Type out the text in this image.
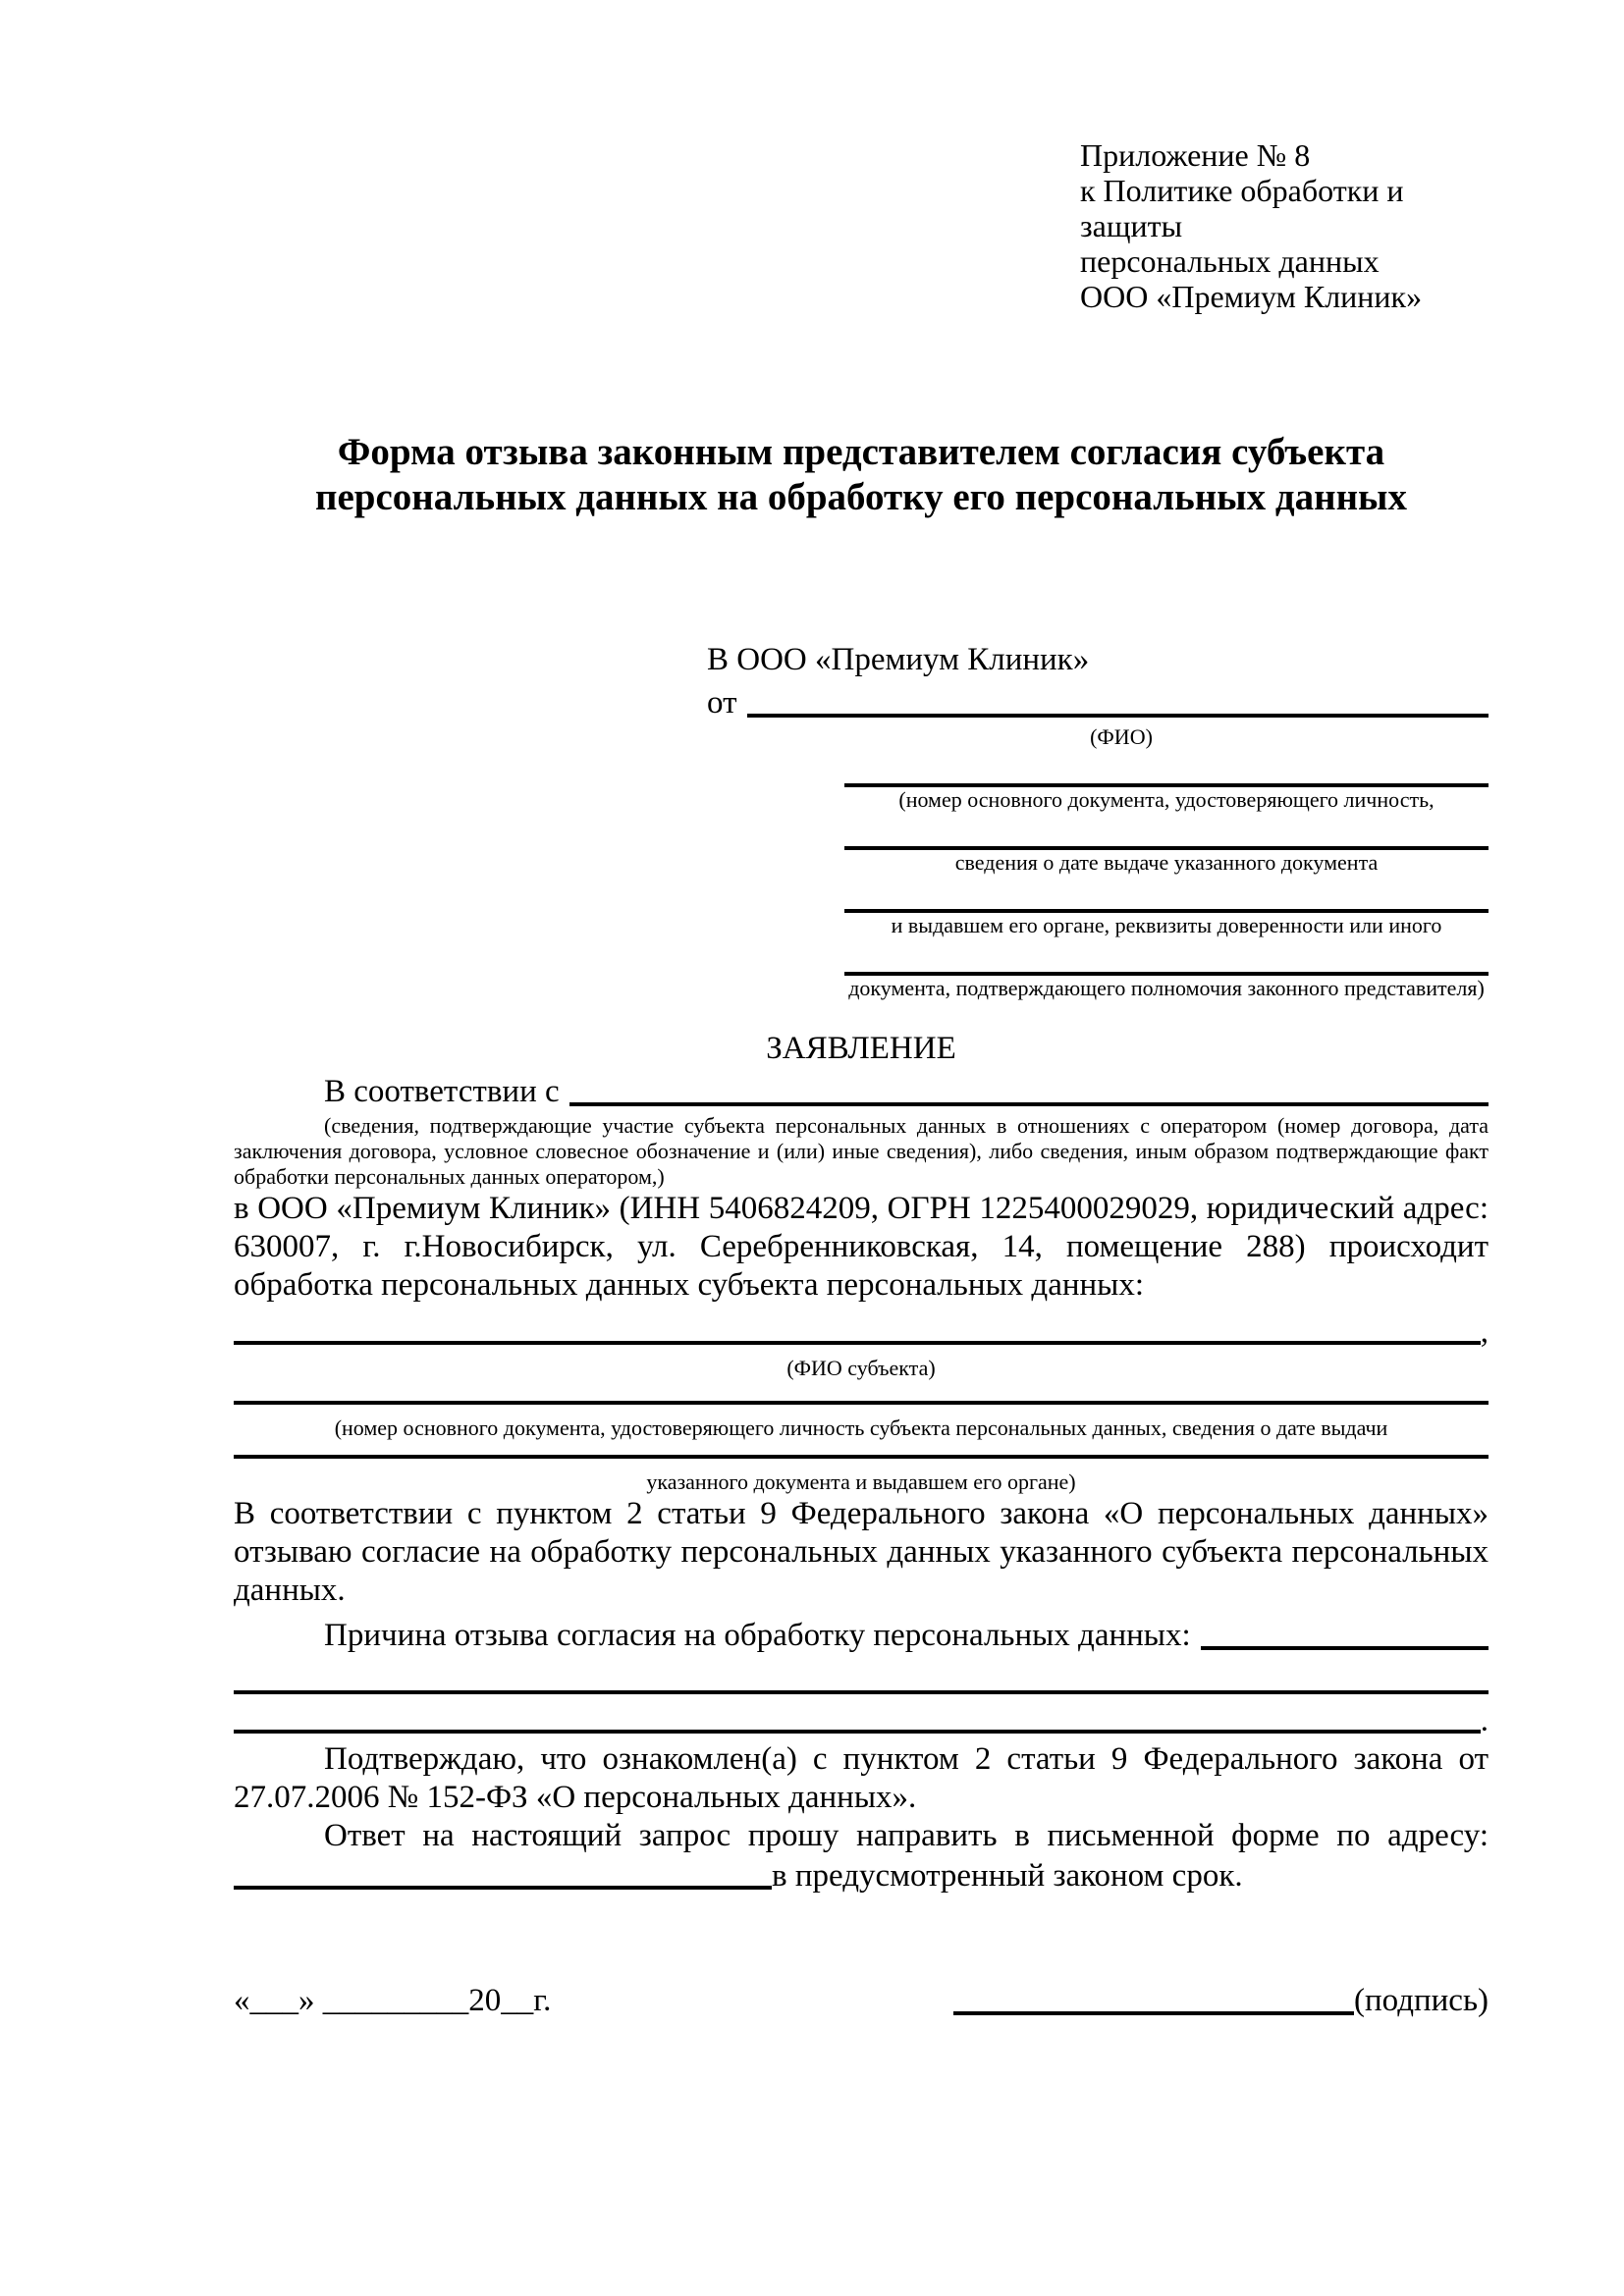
Приложение № 8
к Политике обработки и защиты
персональных данных
ООО «Премиум Клиник»
Форма отзыва законным представителем согласия субъекта
персональных данных на обработку его персональных данных
В ООО «Премиум Клиник»
от
(ФИО)
(номер основного документа, удостоверяющего личность,
сведения о дате выдаче указанного документа
и выдавшем его органе, реквизиты доверенности или иного
документа, подтверждающего полномочия законного представителя)
ЗАЯВЛЕНИЕ
В соответствии с
(сведения, подтверждающие участие субъекта персональных данных в отношениях с оператором (номер договора, дата заключения договора, условное словесное обозначение и (или) иные сведения), либо сведения, иным образом подтверждающие факт обработки персональных данных оператором,)
в ООО «Премиум Клиник» (ИНН 5406824209, ОГРН 1225400029029, юридический адрес: 630007, г. г.Новосибирск, ул. Серебренниковская, 14, помещение 288) происходит обработка персональных данных субъекта персональных данных:
,
(ФИО субъекта)
(номер основного документа, удостоверяющего личность субъекта персональных данных, сведения о дате выдачи
указанного документа и выдавшем его органе)
В соответствии с пунктом 2 статьи 9 Федерального закона «О персональных данных» отзываю согласие на обработку персональных данных указанного субъекта персональных данных.
Причина отзыва согласия на обработку персональных данных:
.
Подтверждаю, что ознакомлен(а) с пунктом 2 статьи 9 Федерального закона от 27.07.2006 № 152-ФЗ «О персональных данных».
Ответ на настоящий запрос прошу направить в письменной форме по адресу:
в предусмотренный законом срок.
«___» _________20__г.	(подпись)
